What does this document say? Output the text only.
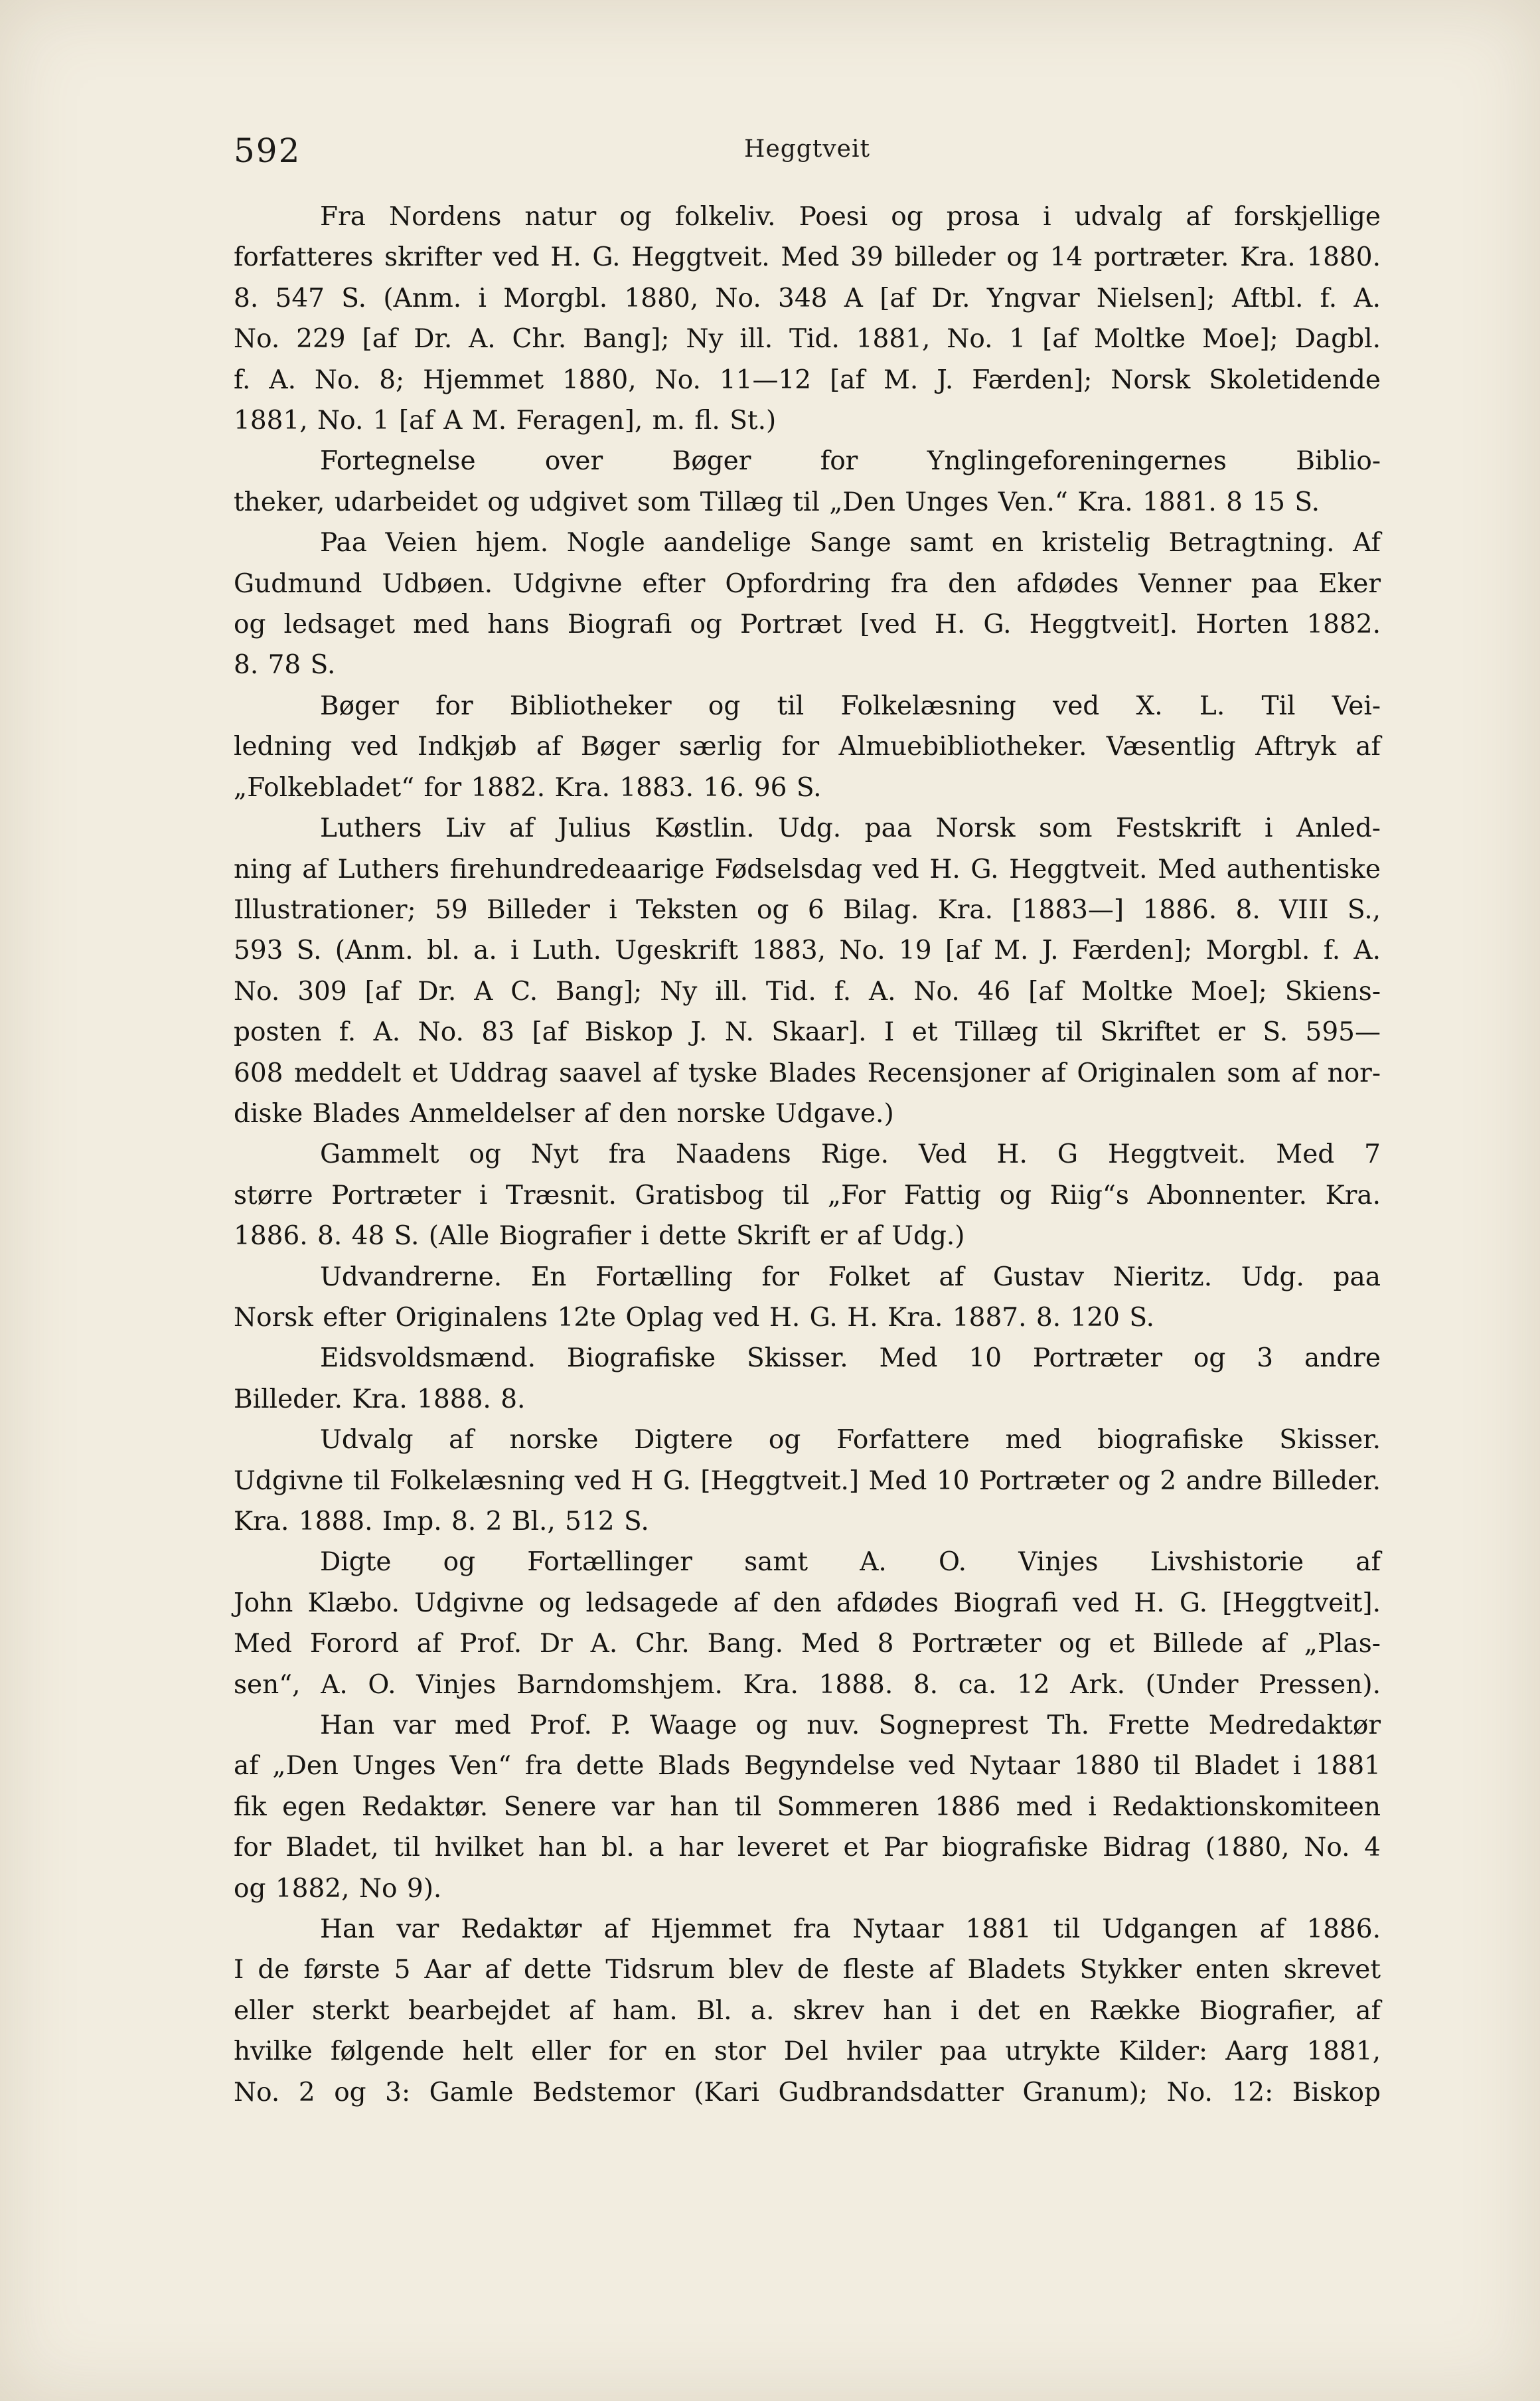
592	Heggtveit
Fra Nordens natur og folkeliv. Poesi og prosa i udvalg af forskjellige
forfatteres skrifter ved H. G. Heggtveit. Med 39 billeder og 14 portræter. Kra. 1880.
8. 547 S. (Anm. i Morgbl. 1880, No. 348 A [af Dr. Yngvar Nielsen]; Aftbl. f. A.
No. 229 [af Dr. A. Chr. Bang]; Ny ill. Tid. 1881, No. 1 [af Moltke Moe]; Dagbl.
f. A. No. 8; Hjemmet 1880, No. 11—12 [af M. J. Færden]; Norsk Skoletidende
1881, No. 1 [af A M. Feragen], m. fl. St.)
Fortegnelse over Bøger for Ynglingeforeningernes Biblio-
theker, udarbeidet og udgivet som Tillæg til „Den Unges Ven.“ Kra. 1881. 8 15 S.
Paa Veien hjem. Nogle aandelige Sange samt en kristelig Betragtning. Af
Gudmund Udbøen. Udgivne efter Opfordring fra den afdødes Venner paa Eker
og ledsaget med hans Biografi og Portræt [ved H. G. Heggtveit]. Horten 1882.
8. 78 S.
Bøger for Bibliotheker og til Folkelæsning ved X. L. Til Vei-
ledning ved Indkjøb af Bøger særlig for Almuebibliotheker. Væsentlig Aftryk af
„Folkebladet“ for 1882. Kra. 1883. 16. 96 S.
Luthers Liv af Julius Køstlin. Udg. paa Norsk som Festskrift i Anled-
ning af Luthers firehundredeaarige Fødselsdag ved H. G. Heggtveit. Med authentiske
Illustrationer; 59 Billeder i Teksten og 6 Bilag. Kra. [1883—] 1886. 8. VIII S.,
593 S. (Anm. bl. a. i Luth. Ugeskrift 1883, No. 19 [af M. J. Færden]; Morgbl. f. A.
No. 309 [af Dr. A C. Bang]; Ny ill. Tid. f. A. No. 46 [af Moltke Moe]; Skiens-
posten f. A. No. 83 [af Biskop J. N. Skaar]. I et Tillæg til Skriftet er S. 595—
608 meddelt et Uddrag saavel af tyske Blades Recensjoner af Originalen som af nor-
diske Blades Anmeldelser af den norske Udgave.)
Gammelt og Nyt fra Naadens Rige. Ved H. G Heggtveit. Med 7
større Portræter i Træsnit. Gratisbog til „For Fattig og Riig“s Abonnenter. Kra.
1886. 8. 48 S. (Alle Biografier i dette Skrift er af Udg.)
Udvandrerne. En Fortælling for Folket af Gustav Nieritz. Udg. paa
Norsk efter Originalens 12te Oplag ved H. G. H. Kra. 1887. 8. 120 S.
Eidsvoldsmænd. Biografiske Skisser. Med 10 Portræter og 3 andre
Billeder. Kra. 1888. 8.
Udvalg af norske Digtere og Forfattere med biografiske Skisser.
Udgivne til Folkelæsning ved H G. [Heggtveit.] Med 10 Portræter og 2 andre Billeder.
Kra. 1888. Imp. 8. 2 Bl., 512 S.
Digte og Fortællinger samt A. O. Vinjes Livshistorie af
John Klæbo. Udgivne og ledsagede af den afdødes Biografi ved H. G. [Heggtveit].
Med Forord af Prof. Dr A. Chr. Bang. Med 8 Portræter og et Billede af „Plas-
sen“, A. O. Vinjes Barndomshjem. Kra. 1888. 8. ca. 12 Ark. (Under Pressen).
Han var med Prof. P. Waage og nuv. Sogneprest Th. Frette Medredaktør
af „Den Unges Ven“ fra dette Blads Begyndelse ved Nytaar 1880 til Bladet i 1881
fik egen Redaktør. Senere var han til Sommeren 1886 med i Redaktionskomiteen
for Bladet, til hvilket han bl. a har leveret et Par biografiske Bidrag (1880, No. 4
og 1882, No 9).
Han var Redaktør af Hjemmet fra Nytaar 1881 til Udgangen af 1886.
I de første 5 Aar af dette Tidsrum blev de fleste af Bladets Stykker enten skrevet
eller sterkt bearbejdet af ham. Bl. a. skrev han i det en Række Biografier, af
hvilke følgende helt eller for en stor Del hviler paa utrykte Kilder: Aarg 1881,
No. 2 og 3: Gamle Bedstemor (Kari Gudbrandsdatter Granum); No. 12: Biskop
